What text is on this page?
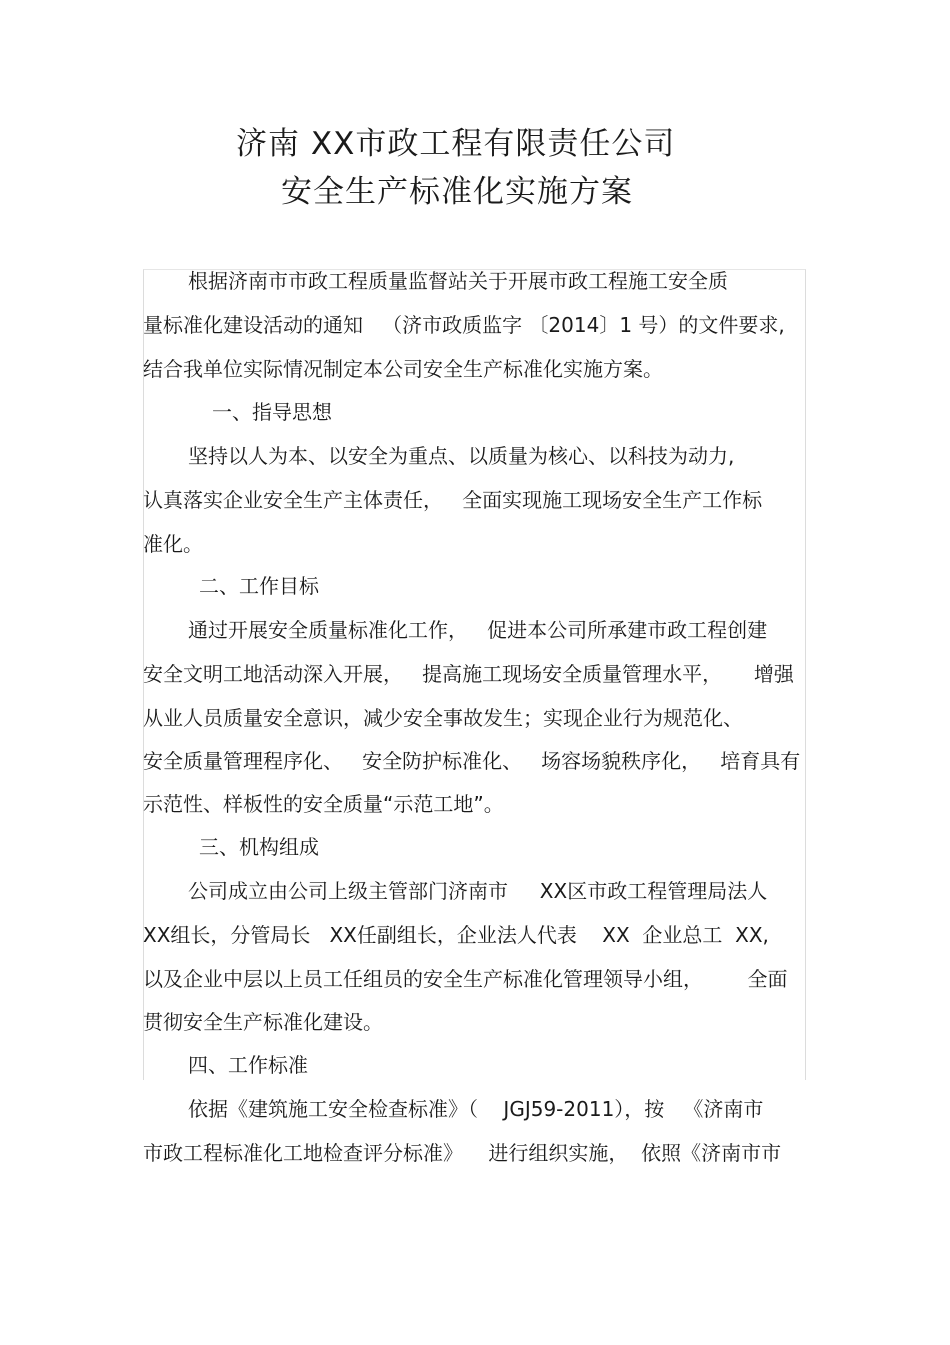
济南 XX市政工程有限责任公司
安全生产标准化实施方案
根据济南市市政工程质量监督站关于开展市政工程施工安全质
量标准化建设活动的通知   （济市政质监字 〔2014〕1 号）的文件要求,
结合我单位实际情况制定本公司安全生产标准化实施方案。
一、指导思想
坚持以人为本、以安全为重点、以质量为核心、以科技为动力,
认真落实企业安全生产主体责任，   全面实现施工现场安全生产工作标
准化。
二、工作目标
通过开展安全质量标准化工作，   促进本公司所承建市政工程创建
安全文明工地活动深入开展，   提高施工现场安全质量管理水平，     增强
从业人员质量安全意识，减少安全事故发生；实现企业行为规范化、
安全质量管理程序化、   安全防护标准化、   场容场貌秩序化，   培育具有
示范性、样板性的安全质量“示范工地”。
三、机构组成
公司成立由公司上级主管部门济南市     XX区市政工程管理局法人
XX组长，分管局长   XX任副组长，企业法人代表    XX  企业总工  XX,
以及企业中层以上员工任组员的安全生产标准化管理领导小组，       全面
贯彻安全生产标准化建设。
四、工作标准
依据《建筑施工安全检查标准》（    JGJ59-2011），按   《济南市
市政工程标准化工地检查评分标准》    进行组织实施，  依照《济南市市
